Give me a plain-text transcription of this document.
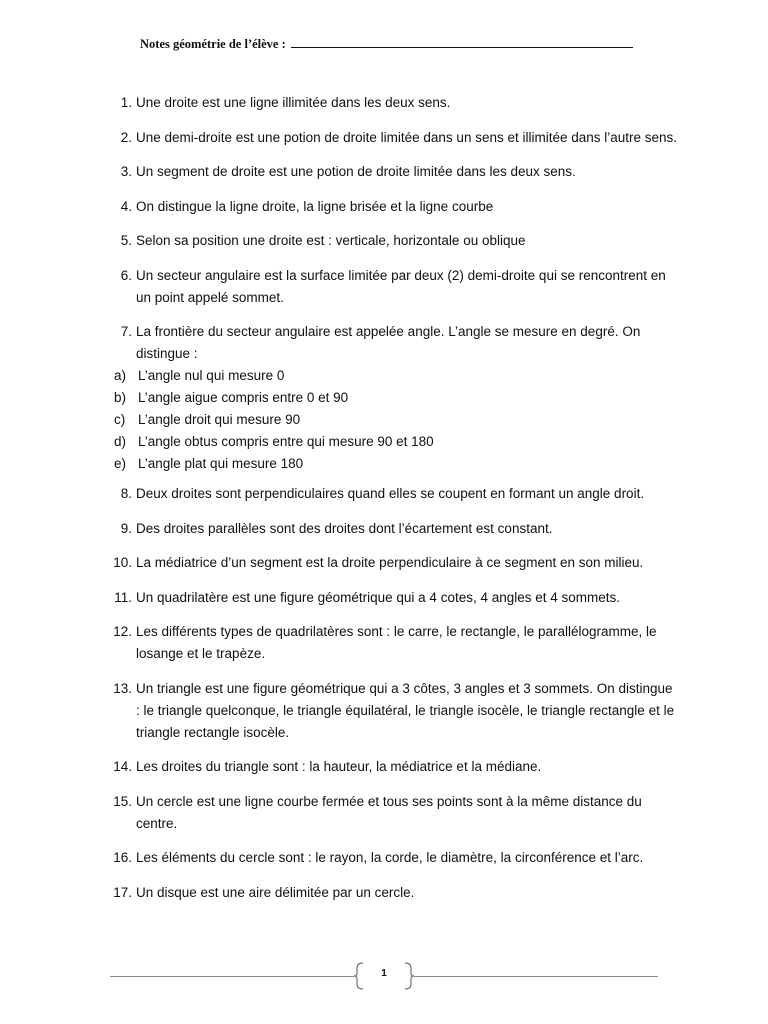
Notes géométrie de l’élève :
1. Une droite est une ligne illimitée dans les deux sens.
2. Une demi-droite est une potion de droite limitée dans un sens et illimitée dans l’autre sens.
3. Un segment de droite est une potion de droite limitée dans les deux sens.
4. On distingue la ligne droite, la ligne brisée et la ligne courbe
5. Selon sa position une droite est : verticale, horizontale ou oblique
6. Un secteur angulaire est la surface limitée par deux (2) demi-droite qui se rencontrent en un point appelé sommet.
7. La frontière du secteur angulaire est appelée angle. L’angle se mesure en degré. On distingue :
a) L’angle nul qui mesure 0
b) L’angle aigue compris entre 0 et 90
c) L’angle droit qui mesure 90
d) L’angle obtus compris entre qui mesure 90 et 180
e) L’angle plat qui mesure 180
8. Deux droites sont perpendiculaires quand elles se coupent en formant un angle droit.
9. Des droites parallèles sont des droites dont l’écartement est constant.
10. La médiatrice d’un segment est la droite perpendiculaire à ce segment en son milieu.
11. Un quadrilatère est une figure géométrique qui a 4 cotes, 4 angles et 4 sommets.
12. Les différents types de quadrilatères sont : le carre, le rectangle, le parallélogramme, le losange et le trapèze.
13. Un triangle est une figure géométrique qui a 3 côtes, 3 angles et 3 sommets. On distingue : le triangle quelconque, le triangle équilatéral, le triangle isocèle, le triangle rectangle et le triangle rectangle isocèle.
14. Les droites du triangle sont : la hauteur, la médiatrice et la médiane.
15. Un cercle est une ligne courbe fermée et tous ses points sont à la même distance du centre.
16. Les éléments du cercle sont : le rayon, la corde, le diamètre, la circonférence et l’arc.
17. Un disque est une aire délimitée par un cercle.
1
